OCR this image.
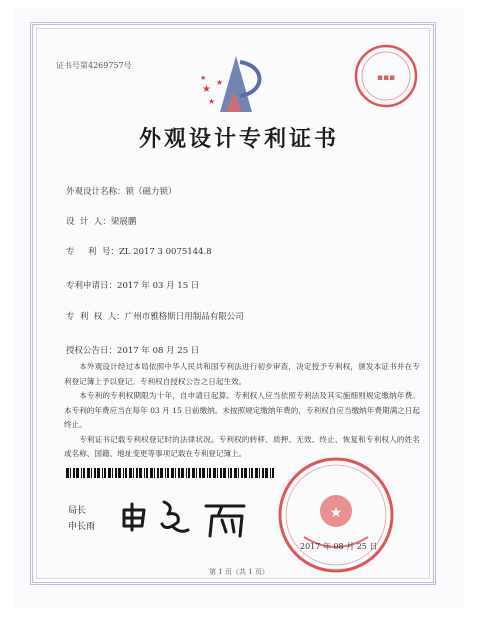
证书号第4269757号
★
★
★
★	▪▪▪
外观设计专利证书
外观设计名称：锁（磁力锁）
设  计  人：梁展鹏
专     利  号：ZL 2017 3 0075144.8
专利申请日：2017 年 03 月 15 日
专  利  权  人：广州市雅格斯日用制品有限公司
授权公告日：2017 年 08 月 25 日

本外观设计经过本局依照中华人民共和国专利法进行初步审查，决定授予专利权，颁发本证书并在专利登记簿上予以登记。专利权自授权公告之日起生效。

本专利的专利权期限为十年，自申请日起算。专利权人应当依照专利法及其实施细则规定缴纳年费。本专利的年费应当在每年 03 月 15 日前缴纳。未按照规定缴纳年费的，专利权自应当缴纳年费期满之日起终止。

专利证书记载专利权登记时的法律状况。专利权的转移、质押、无效、终止、恢复和专利权人的姓名或名称、国籍、地址变更等事项记载在专利登记簿上。

局长
申长雨
★
2017 年 08 月 25 日
第 1 页（共 1 页）
